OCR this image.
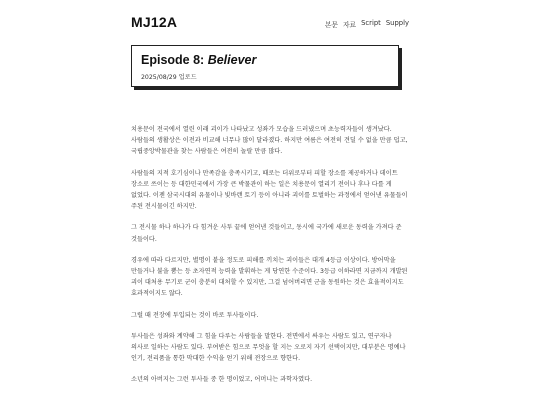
MJ12A	본문 자료 Script Supply
Episode 8: Believer
2025/08/29 업로드

치용문이 전국에서 열린 이래 괴이가 나타났고 성좌가 모습을 드러냈으며 초능력자들이 생겨났다. 사람들의 생활상은 이전과 비교해 너무나 많이 달라졌다. 하지만 여름은 여전히 견딜 수 없을 만큼 덥고, 국립중앙박물관을 찾는 사람들은 여전히 놀랄 만큼 많다.

사람들의 지적 호기심이나 만족감을 충족시키고, 때로는 더위로부터 피할 장소를 제공하거나 데이트 장소로 쓰이는 등 대한민국에서 가장 큰 박물관이 하는 일은 치용문이 열리기 전이나 후나 다를 게 없었다. 이젠 삼국시대의 유물이나 빛바랜 토기 등이 아니라 괴이를 토벌하는 과정에서 얻어낸 유물들이 주된 전시물이긴 하지만.

그 전시물 하나 하나가 다 힘겨운 사투 끝에 얻어낸 것들이고, 동시에 국가에 새로운 동력을 가져다 준 것들이다.

경우에 따라 다르지만, 별명이 붙을 정도로 피해를 끼치는 괴이들은 대개 4등급 이상이다. 방어막을 만들거나 불을 뿜는 등 초자연적 능력을 발휘하는 게 당연한 수준이다. 3등급 이하라면 지금까지 개발된 괴이 대처용 무기로 군이 충분히 대처할 수 있지만, 그걸 넘어버리면 군을 동원하는 것은 효율적이지도 효과적이지도 않다.

그럴 때 전장에 투입되는 것이 바로 투사들이다.

투사들은 성좌와 계약해 그 힘을 다루는 사람들을 말한다. 전면에서 싸우는 사람도 있고, 연구자나 의사로 일하는 사람도 있다. 부여받은 힘으로 무엇을 할 지는 오로지 자기 선택이지만, 대부분은 명예나 인기, 전리품을 통한 막대한 수익을 얻기 위해 전장으로 향한다.

소년의 아버지는 그런 투사들 중 한 명이었고, 어머니는 과학자였다.
